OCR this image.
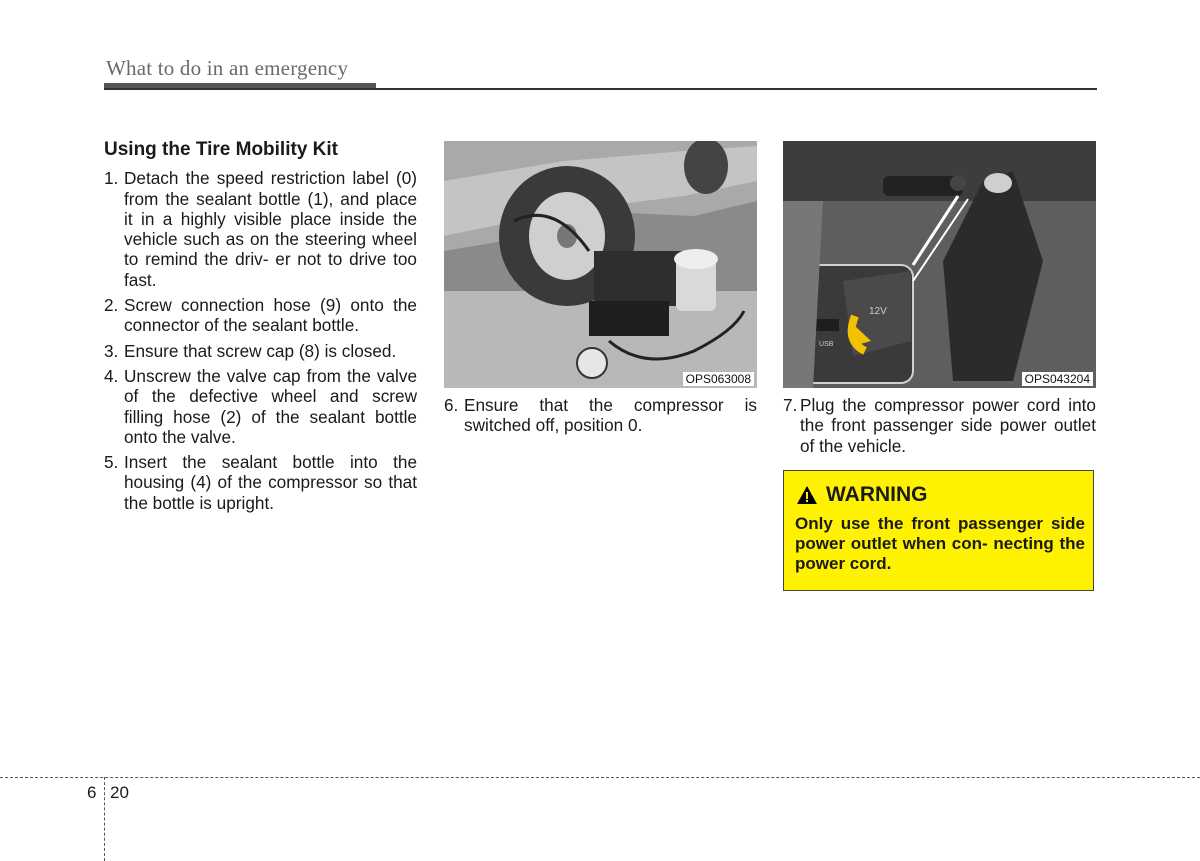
What to do in an emergency
Using the Tire Mobility Kit
1. Detach the speed restriction label (0) from the sealant bottle (1), and place it in a highly visible place inside the vehicle such as on the steering wheel to remind the driv- er not to drive too fast.
2. Screw connection hose (9) onto the connector of the sealant bottle.
3. Ensure that screw cap (8) is closed.
4. Unscrew the valve cap from the valve of the defective wheel and screw filling hose (2) of the sealant bottle onto the valve.
5. Insert the sealant bottle into the housing (4) of the compressor so that the bottle is upright.
OPS063008
12V
USB
OPS043204
6. Ensure that the compressor is switched off, position 0.
7. Plug the compressor power cord into the front passenger side power outlet of the vehicle.
WARNING
Only use the front passenger side power outlet when con- necting the power cord.
6 20
